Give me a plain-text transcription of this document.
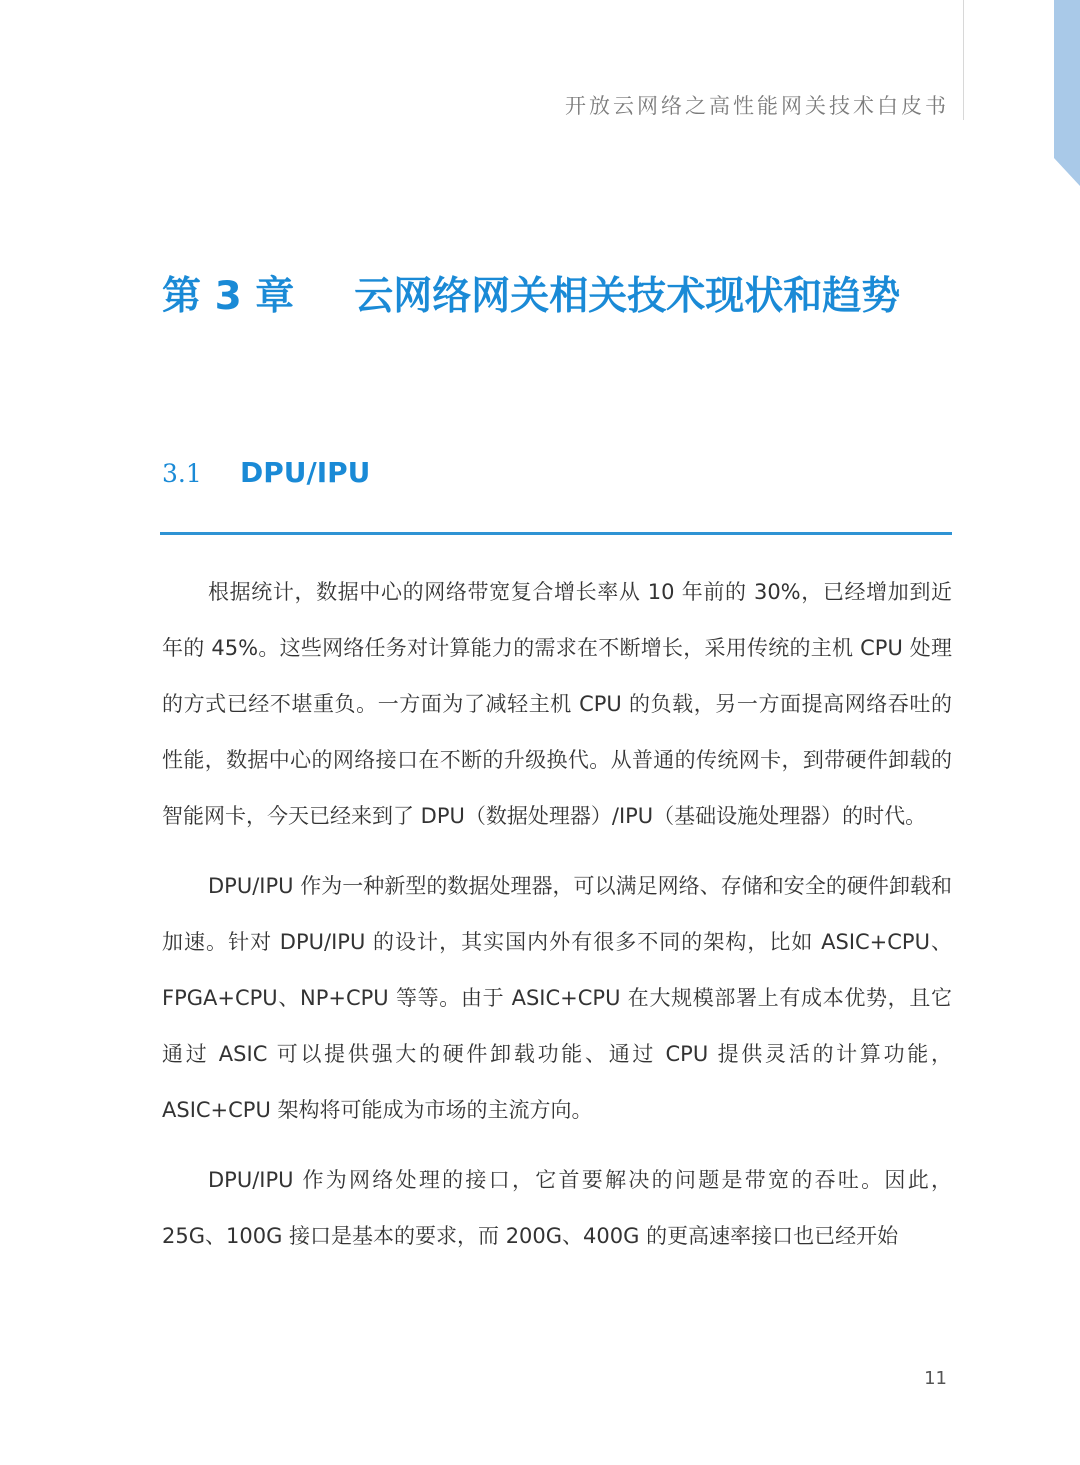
开放云网络之高性能网关技术白皮书
第 3 章 云网络网关相关技术现状和趋势
3.1 DPU/IPU

根据统计，数据中心的网络带宽复合增长率从 10 年前的 30%，已经增加到近年的 45%。这些网络任务对计算能力的需求在不断增长，采用传统的主机 CPU 处理的方式已经不堪重负。一方面为了减轻主机 CPU 的负载，另一方面提高网络吞吐的性能，数据中心的网络接口在不断的升级换代。从普通的传统网卡，到带硬件卸载的智能网卡，今天已经来到了 DPU（数据处理器）/IPU（基础设施处理器）的时代。

DPU/IPU 作为一种新型的数据处理器，可以满足网络、存储和安全的硬件卸载和加速。针对 DPU/IPU 的设计，其实国内外有很多不同的架构，比如 ASIC+CPU、FPGA+CPU、NP+CPU 等等。由于 ASIC+CPU 在大规模部署上有成本优势，且它通过 ASIC 可以提供强大的硬件卸载功能、通过 CPU 提供灵活的计算功能，ASIC+CPU 架构将可能成为市场的主流方向。

DPU/IPU 作为网络处理的接口，它首要解决的问题是带宽的吞吐。因此，25G、100G 接口是基本的要求，而 200G、400G 的更高速率接口也已经开始

11
